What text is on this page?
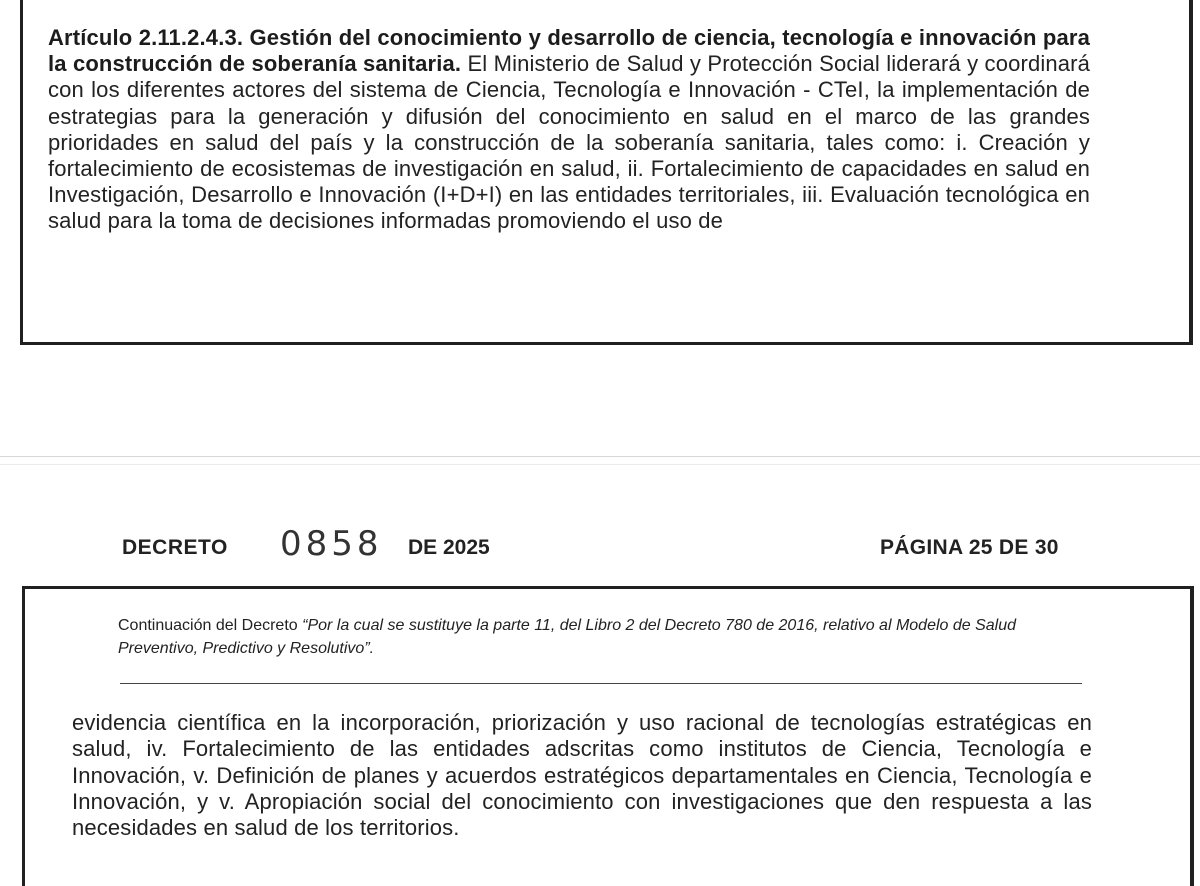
Artículo 2.11.2.4.3. Gestión del conocimiento y desarrollo de ciencia, tecnología e innovación para la construcción de soberanía sanitaria. El Ministerio de Salud y Protección Social liderará y coordinará con los diferentes actores del sistema de Ciencia, Tecnología e Innovación - CTeI, la implementación de estrategias para la generación y difusión del conocimiento en salud en el marco de las grandes prioridades en salud del país y la construcción de la soberanía sanitaria, tales como: i. Creación y fortalecimiento de ecosistemas de investigación en salud, ii. Fortalecimiento de capacidades en salud en Investigación, Desarrollo e Innovación (I+D+I) en las entidades territoriales, iii. Evaluación tecnológica en salud para la toma de decisiones informadas promoviendo el uso de
DECRETO 0858 DE 2025	PÁGINA 25 DE 30
Continuación del Decreto “Por la cual se sustituye la parte 11, del Libro 2 del Decreto 780 de 2016, relativo al Modelo de Salud Preventivo, Predictivo y Resolutivo”.
evidencia científica en la incorporación, priorización y uso racional de tecnologías estratégicas en salud, iv. Fortalecimiento de las entidades adscritas como institutos de Ciencia, Tecnología e Innovación, v. Definición de planes y acuerdos estratégicos departamentales en Ciencia, Tecnología e Innovación, y v. Apropiación social del conocimiento con investigaciones que den respuesta a las necesidades en salud de los territorios.
